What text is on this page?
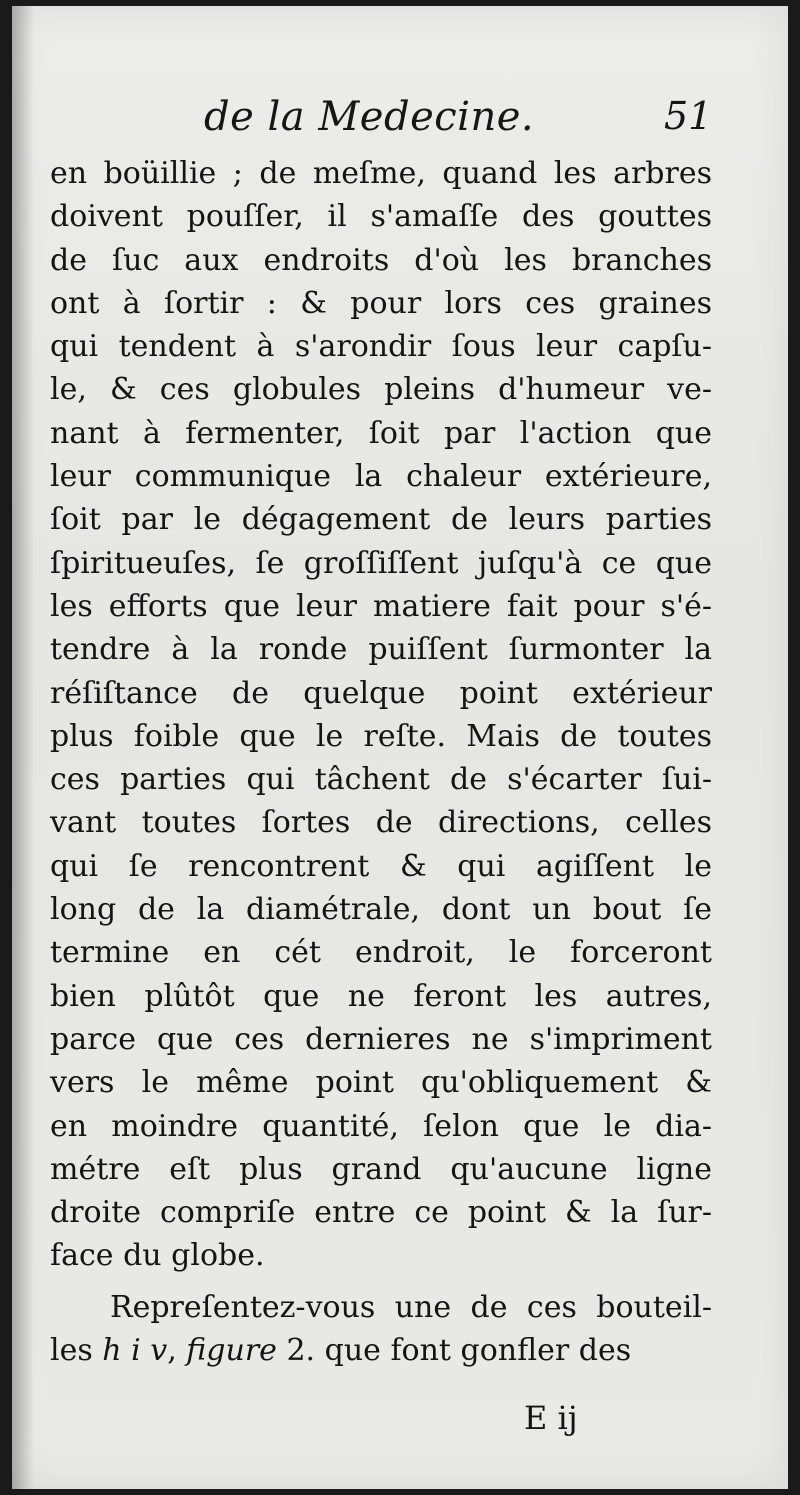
de la Medecine.	51
en boüillie ; de meſme, quand les arbres
doivent pouſſer, il s'amaſſe des gouttes
de ſuc aux endroits d'où les branches
ont à ſortir : & pour lors ces graines
qui tendent à s'arondir ſous leur capſu-
le, & ces globules pleins d'humeur ve-
nant à fermenter, ſoit par l'action que
leur communique la chaleur extérieure,
ſoit par le dégagement de leurs parties
ſpiritueuſes, ſe groſſiſſent juſqu'à ce que
les efforts que leur matiere fait pour s'é-
tendre à la ronde puiſſent ſurmonter la
réſiſtance de quelque point extérieur
plus foible que le reſte. Mais de toutes
ces parties qui tâchent de s'écarter ſui-
vant toutes ſortes de directions, celles
qui ſe rencontrent & qui agiſſent le
long de la diamétrale, dont un bout ſe
termine en cét endroit, le forceront
bien plûtôt que ne feront les autres,
parce que ces dernieres ne s'impriment
vers le même point qu'obliquement &
en moindre quantité, ſelon que le dia-
métre eſt plus grand qu'aucune ligne
droite compriſe entre ce point & la ſur-
face du globe.
Repreſentez-vous une de ces bouteil-
les h i v, figure 2. que font gonfler des
E ij
